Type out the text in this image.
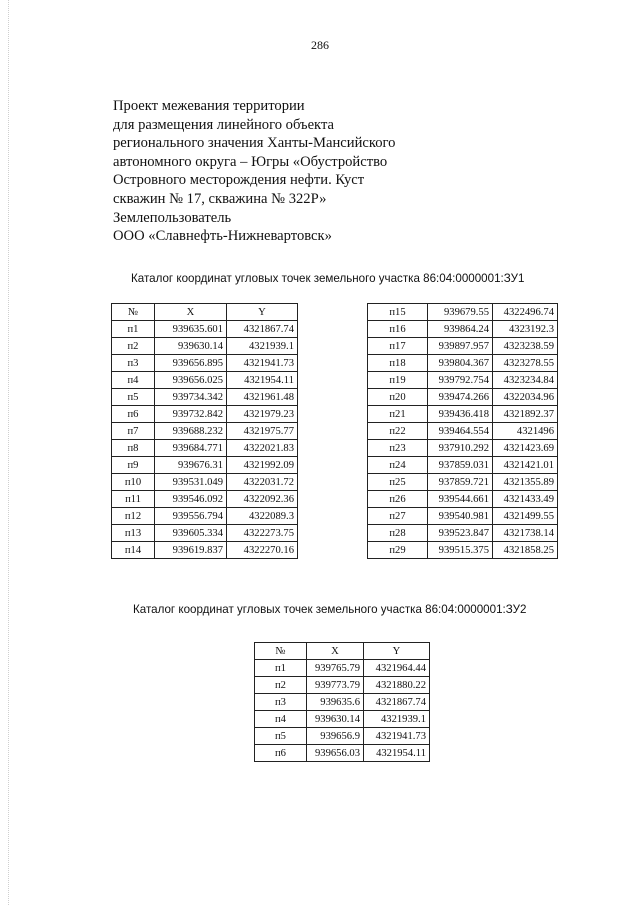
286
Проект межевания территории
для размещения линейного объекта
регионального значения Ханты-Мансийского
автономного округа – Югры «Обустройство
Островного месторождения нефти. Куст
скважин № 17, скважина № 322Р»
Землепользователь
ООО «Славнефть-Нижневартовск»
Каталог координат угловых точек земельного участка 86:04:0000001:ЗУ1
№	X	Y
п1	939635.601	4321867.74
п2	939630.14	4321939.1
п3	939656.895	4321941.73
п4	939656.025	4321954.11
п5	939734.342	4321961.48
п6	939732.842	4321979.23
п7	939688.232	4321975.77
п8	939684.771	4322021.83
п9	939676.31	4321992.09
п10	939531.049	4322031.72
п11	939546.092	4322092.36
п12	939556.794	4322089.3
п13	939605.334	4322273.75
п14	939619.837	4322270.16
п15	939679.55	4322496.74
п16	939864.24	4323192.3
п17	939897.957	4323238.59
п18	939804.367	4323278.55
п19	939792.754	4323234.84
п20	939474.266	4322034.96
п21	939436.418	4321892.37
п22	939464.554	4321496
п23	937910.292	4321423.69
п24	937859.031	4321421.01
п25	937859.721	4321355.89
п26	939544.661	4321433.49
п27	939540.981	4321499.55
п28	939523.847	4321738.14
п29	939515.375	4321858.25
Каталог координат угловых точек земельного участка 86:04:0000001:ЗУ2
№	X	Y
п1	939765.79	4321964.44
п2	939773.79	4321880.22
п3	939635.6	4321867.74
п4	939630.14	4321939.1
п5	939656.9	4321941.73
п6	939656.03	4321954.11
